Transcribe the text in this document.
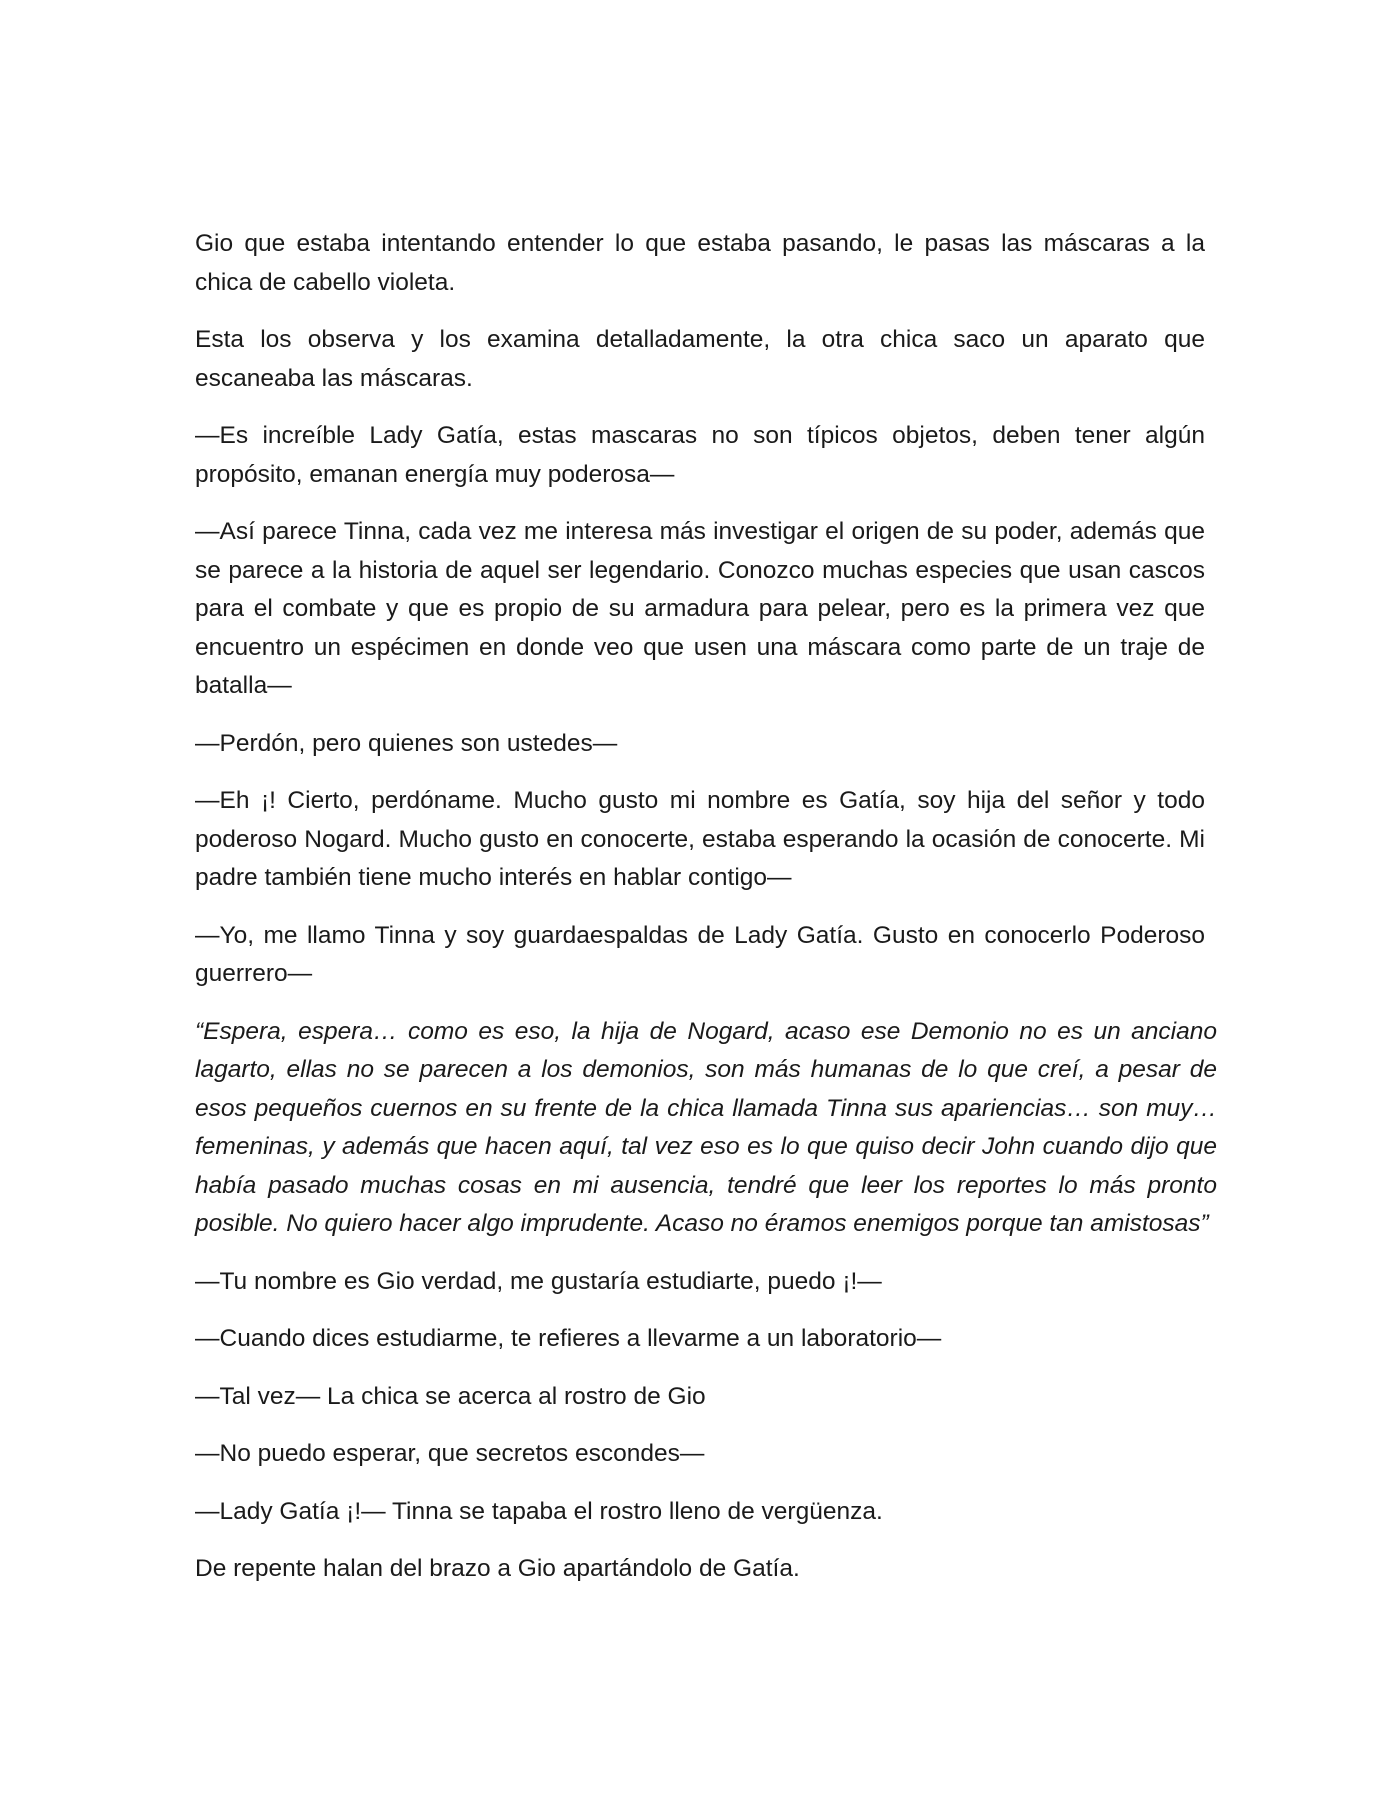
Gio que estaba intentando entender lo que estaba pasando, le pasas las máscaras a la chica de cabello violeta.

Esta los observa y los examina detalladamente, la otra chica saco un aparato que escaneaba las máscaras.

—Es increíble Lady Gatía, estas mascaras no son típicos objetos, deben tener algún propósito, emanan energía muy poderosa—

—Así parece Tinna, cada vez me interesa más investigar el origen de su poder, además que se parece a la historia de aquel ser legendario. Conozco muchas especies que usan cascos para el combate y que es propio de su armadura para pelear, pero es la primera vez que encuentro un espécimen en donde veo que usen una máscara como parte de un traje de batalla—

—Perdón, pero quienes son ustedes—

—Eh ¡! Cierto, perdóname. Mucho gusto mi nombre es Gatía, soy hija del señor y todo poderoso Nogard. Mucho gusto en conocerte, estaba esperando la ocasión de conocerte. Mi padre también tiene mucho interés en hablar contigo—

—Yo, me llamo Tinna y soy guardaespaldas de Lady Gatía. Gusto en conocerlo Poderoso guerrero—

“Espera, espera… como es eso, la hija de Nogard, acaso ese Demonio no es un anciano lagarto, ellas no se parecen a los demonios, son más humanas de lo que creí, a pesar de esos pequeños cuernos en su frente de la chica llamada Tinna sus apariencias… son muy… femeninas, y además que hacen aquí, tal vez eso es lo que quiso decir John cuando dijo que había pasado muchas cosas en mi ausencia, tendré que leer los reportes lo más pronto posible. No quiero hacer algo imprudente. Acaso no éramos enemigos porque tan amistosas”

—Tu nombre es Gio verdad, me gustaría estudiarte, puedo ¡!—

—Cuando dices estudiarme, te refieres a llevarme a un laboratorio—

—Tal vez— La chica se acerca al rostro de Gio

—No puedo esperar, que secretos escondes—

—Lady Gatía ¡!— Tinna se tapaba el rostro lleno de vergüenza.

De repente halan del brazo a Gio apartándolo de Gatía.
